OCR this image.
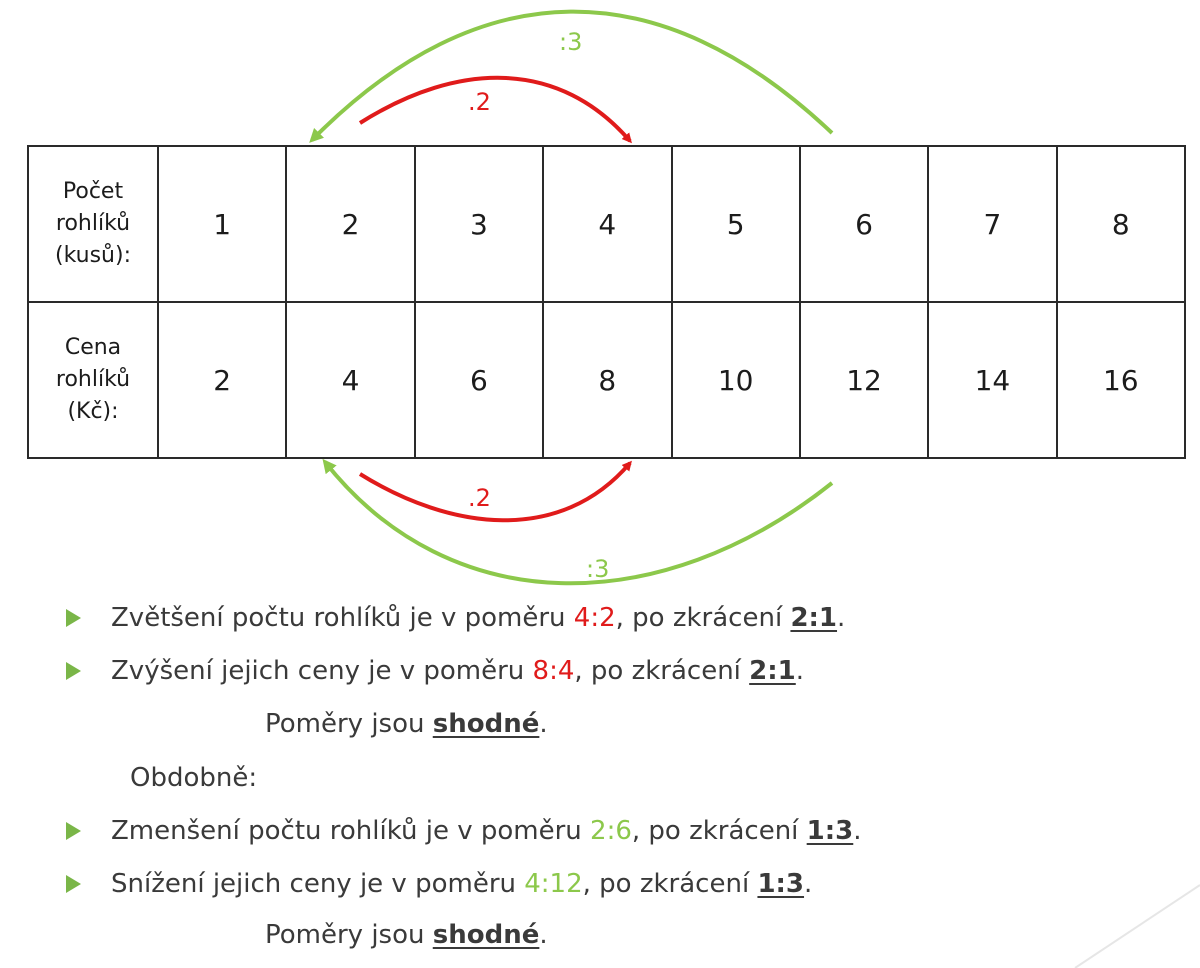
:3
.2
.2
:3
Počet
rohlíků
(kusů):	1	2	3	4	5	6	7	8

Cena
rohlíků
(Kč):	2	4	6	8	10	12	14	16
Zvětšení počtu rohlíků je v poměru 4:2, po zkrácení 2:1.
Zvýšení jejich ceny je v poměru 8:4, po zkrácení 2:1.
Poměry jsou shodné.
Obdobně:
Zmenšení počtu rohlíků je v poměru 2:6, po zkrácení 1:3.
Snížení jejich ceny je v poměru 4:12, po zkrácení 1:3.
Poměry jsou shodné.
